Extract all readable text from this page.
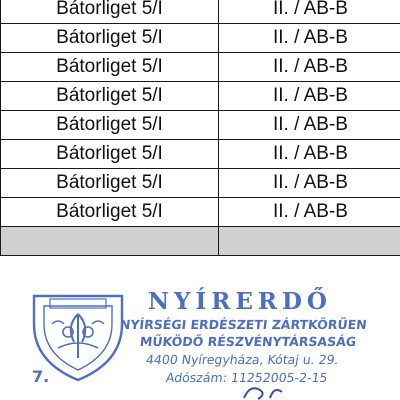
Bátorliget 5/I	II. / AB-B
Bátorliget 5/I	II. / AB-B
Bátorliget 5/I	II. / AB-B
Bátorliget 5/I	II. / AB-B
Bátorliget 5/I	II. / AB-B
Bátorliget 5/I	II. / AB-B
Bátorliget 5/I	II. / AB-B
Bátorliget 5/I	II. / AB-B

NYÍRERDŐ
NYÍRSÉGI ERDÉSZETI ZÁRTKÖRŰEN
MŰKÖDŐ RÉSZVÉNYTÁRSASÁG
4400 Nyíregyháza, Kótaj u. 29.
Adószám: 11252005-2-15
7.
